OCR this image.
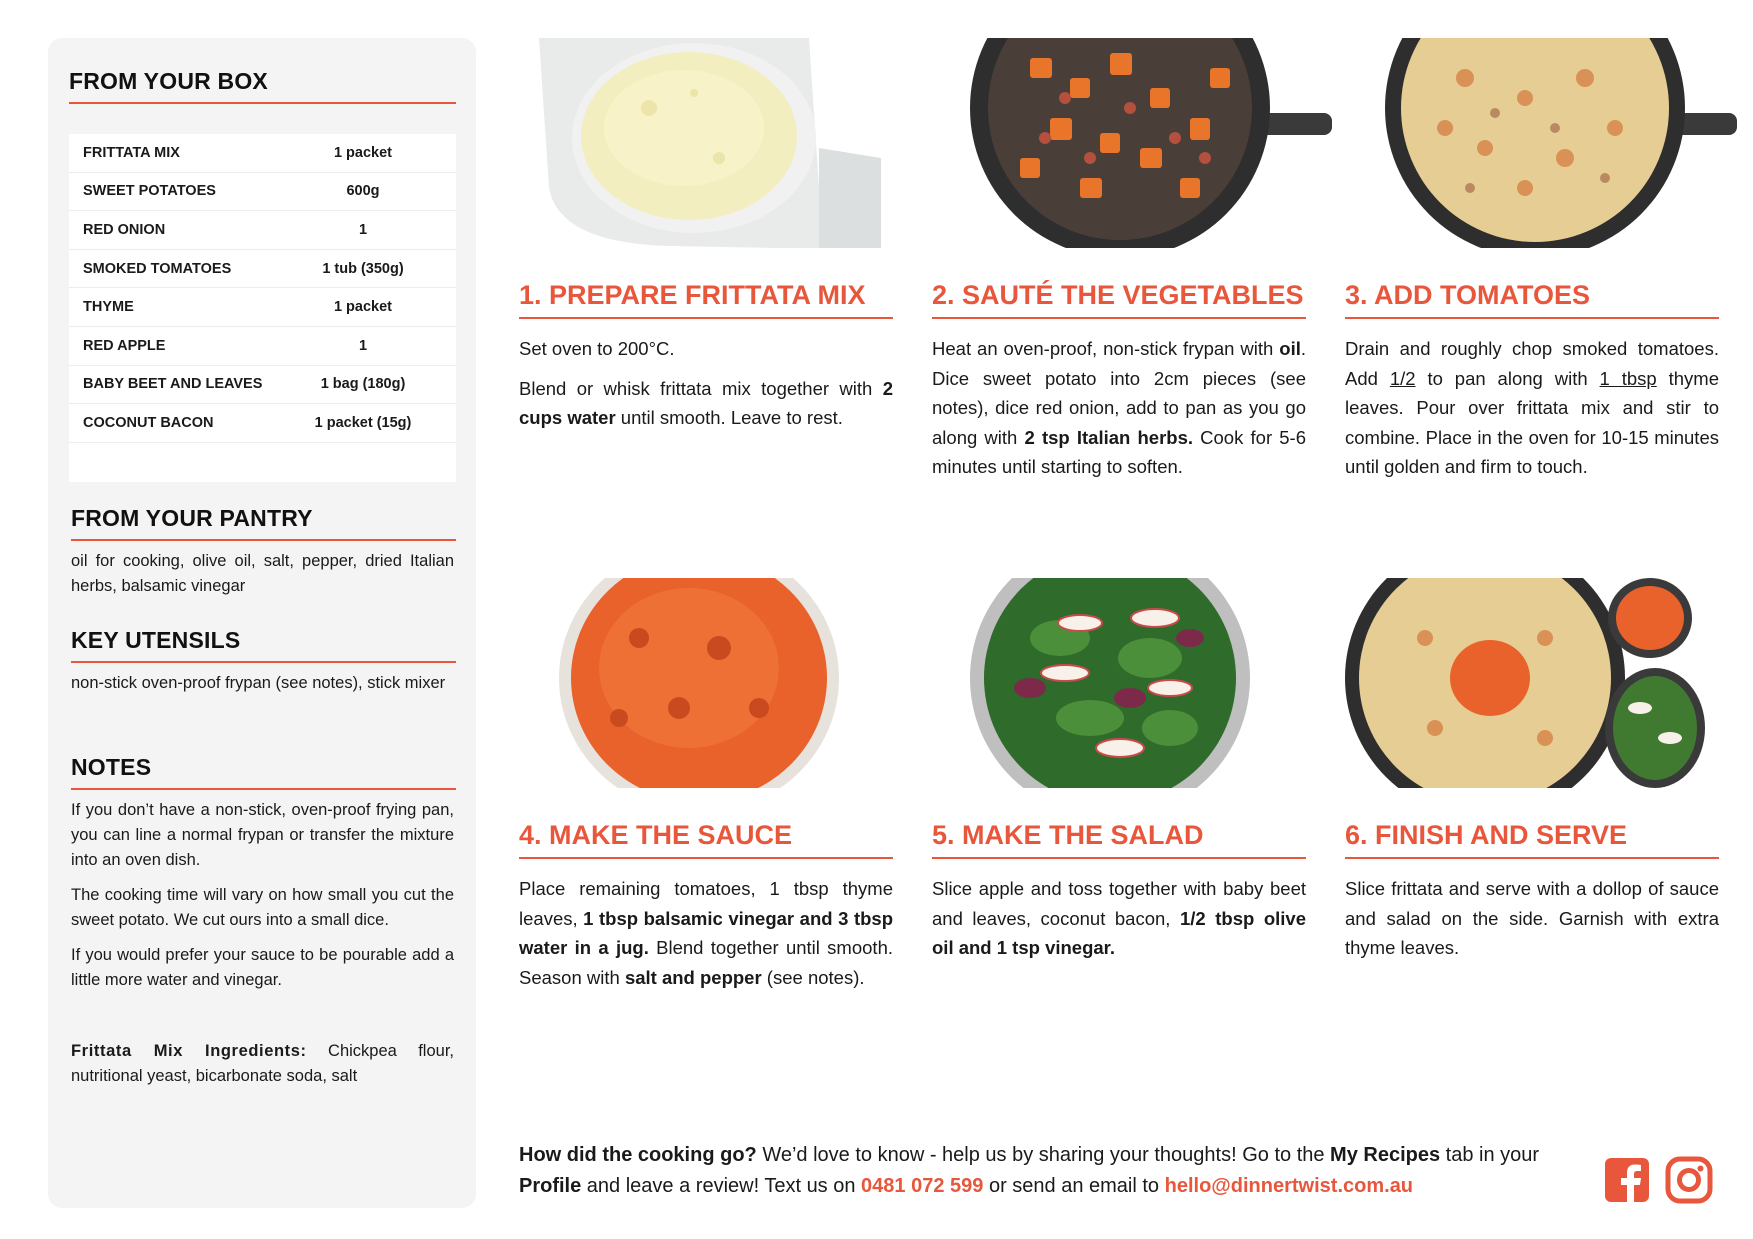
FROM YOUR BOX
FRITTATA MIX	1 packet
SWEET POTATOES	600g
RED ONION	1
SMOKED TOMATOES	1 tub (350g)
THYME	1 packet
RED APPLE	1
BABY BEET AND LEAVES	1 bag (180g)
COCONUT BACON	1 packet (15g)
FROM YOUR PANTRY
oil for cooking, olive oil, salt, pepper, dried Italian herbs, balsamic vinegar
KEY UTENSILS
non-stick oven-proof frypan (see notes), stick mixer
NOTES

If you don’t have a non-stick, oven-proof frying pan, you can line a normal frypan or transfer the mixture into an oven dish.

The cooking time will vary on how small you cut the sweet potato. We cut ours into a small dice.

If you would prefer your sauce to be pourable add a little more water and vinegar.

Frittata Mix Ingredients: Chickpea flour, nutritional yeast, bicarbonate soda, salt
1. PREPARE FRITTATA MIX

Set oven to 200°C.

Blend or whisk frittata mix together with 2 cups water until smooth. Leave to rest.

2. SAUTÉ THE VEGETABLES

Heat an oven-proof, non-stick frypan with oil. Dice sweet potato into 2cm pieces (see notes), dice red onion, add to pan as you go along with 2 tsp Italian herbs. Cook for 5-6 minutes until starting to soften.

3. ADD TOMATOES

Drain and roughly chop smoked tomatoes. Add 1/2 to pan along with 1 tbsp thyme leaves. Pour over frittata mix and stir to combine. Place in the oven for 10-15 minutes until golden and firm to touch.

4. MAKE THE SAUCE

Place remaining tomatoes, 1 tbsp thyme leaves, 1 tbsp balsamic vinegar and 3 tbsp water in a jug. Blend together until smooth. Season with salt and pepper (see notes).

5. MAKE THE SALAD

Slice apple and toss together with baby beet and leaves, coconut bacon, 1/2 tbsp olive oil and 1 tsp vinegar.

6. FINISH AND SERVE

Slice frittata and serve with a dollop of sauce and salad on the side. Garnish with extra thyme leaves.

How did the cooking go? We’d love to know - help us by sharing your thoughts! Go to the My Recipes tab in your Profile and leave a review! Text us on 0481 072 599 or send an email to hello@dinnertwist.com.au
